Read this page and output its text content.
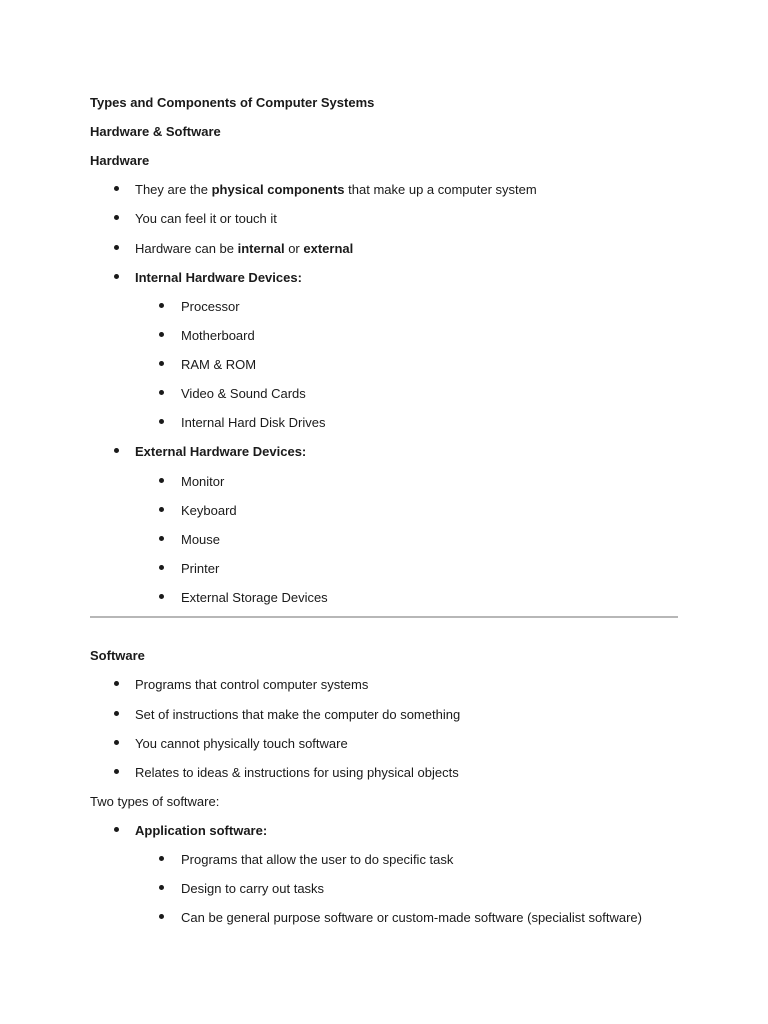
Types and Components of Computer Systems
Hardware & Software
Hardware
They are the physical components that make up a computer system
You can feel it or touch it
Hardware can be internal or external
Internal Hardware Devices:
Processor
Motherboard
RAM & ROM
Video & Sound Cards
Internal Hard Disk Drives
External Hardware Devices:
Monitor
Keyboard
Mouse
Printer
External Storage Devices
Software
Programs that control computer systems
Set of instructions that make the computer do something
You cannot physically touch software
Relates to ideas & instructions for using physical objects
Two types of software:
Application software:
Programs that allow the user to do specific task
Design to carry out tasks
Can be general purpose software or custom-made software (specialist software)
